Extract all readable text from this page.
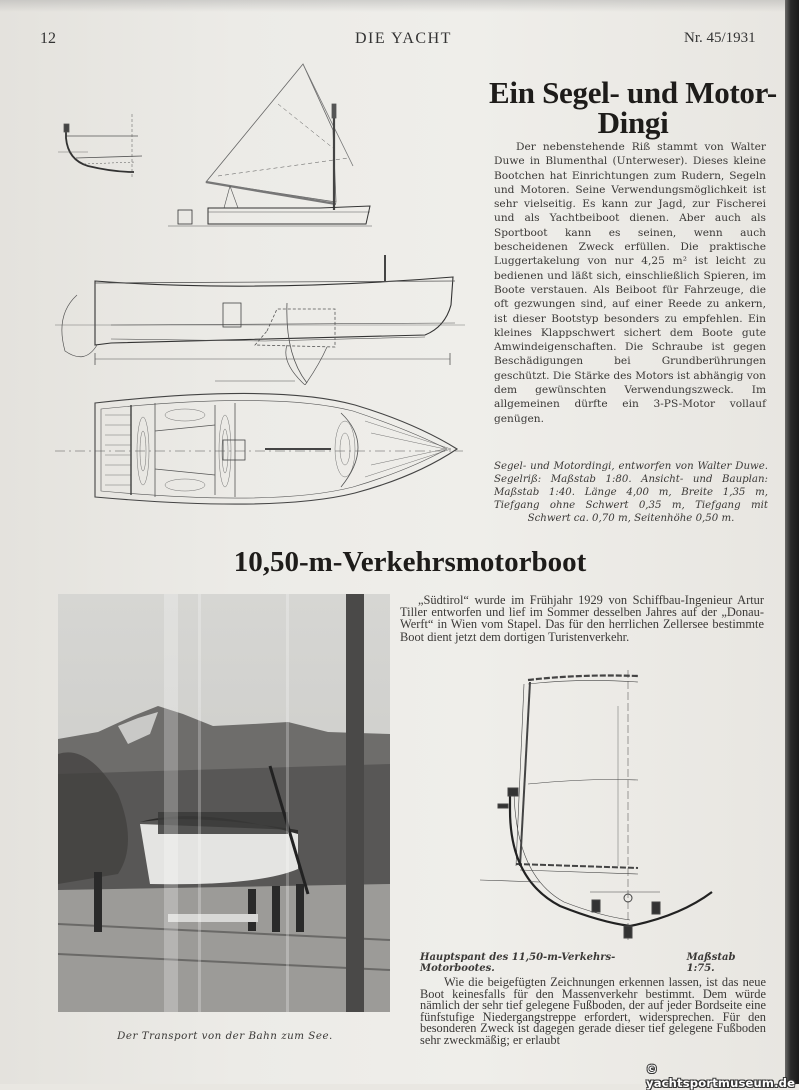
12	DIE YACHT	Nr. 45/1931
Ein Segel- und Motor-
Dingi

Der nebenstehende Riß stammt von Walter Duwe in Blumenthal (Unterweser). Dieses kleine Bootchen hat Einrichtungen zum Rudern, Segeln und Motoren. Seine Verwendungsmöglichkeit ist sehr vielseitig. Es kann zur Jagd, zur Fischerei und als Yachtbeiboot dienen. Aber auch als Sportboot kann es seinen, wenn auch bescheidenen Zweck erfüllen. Die praktische Luggertakelung von nur 4,25 m² ist leicht zu bedienen und läßt sich, einschließlich Spieren, im Boote verstauen. Als Beiboot für Fahrzeuge, die oft gezwungen sind, auf einer Reede zu ankern, ist dieser Bootstyp besonders zu empfehlen. Ein kleines Klappschwert sichert dem Boote gute Amwindeigenschaften. Die Schraube ist gegen Beschädigungen bei Grundberührungen geschützt. Die Stärke des Motors ist abhängig von dem gewünschten Verwendungszweck. Im allgemeinen dürfte ein 3-PS-Motor vollauf genügen.

Segel- und Motordingi, entworfen von Walter Duwe. Segelriß: Maßstab 1:80. Ansicht- und Bauplan: Maßstab 1:40. Länge 4,00 m, Breite 1,35 m, Tiefgang ohne Schwert 0,35 m, Tiefgang mit Schwert ca. 0,70 m, Seitenhöhe 0,50 m.
10,50-m-Verkehrsmotorboot
Der Transport von der Bahn zum See.

„Südtirol“ wurde im Frühjahr 1929 von Schiffbau-Ingenieur Artur Tiller entworfen und lief im Sommer desselben Jahres auf der „Donau-Werft“ in Wien vom Stapel. Das für den herrlichen Zellersee bestimmte Boot dient jetzt dem dortigen Turistenverkehr.

Hauptspant des 11,50-m-Verkehrs-Motorbootes.
Maßstab 1:75.

Wie die beigefügten Zeichnungen erkennen lassen, ist das neue Boot keinesfalls für den Massenverkehr bestimmt. Dem würde nämlich der sehr tief gelegene Fußboden, der auf jeder Bordseite eine fünfstufige Niedergangstreppe erfordert, widersprechen. Für den besonderen Zweck ist dagegen gerade dieser tief gelegene Fußboden sehr zweckmäßig; er erlaubt

© yachtsportmuseum.de
